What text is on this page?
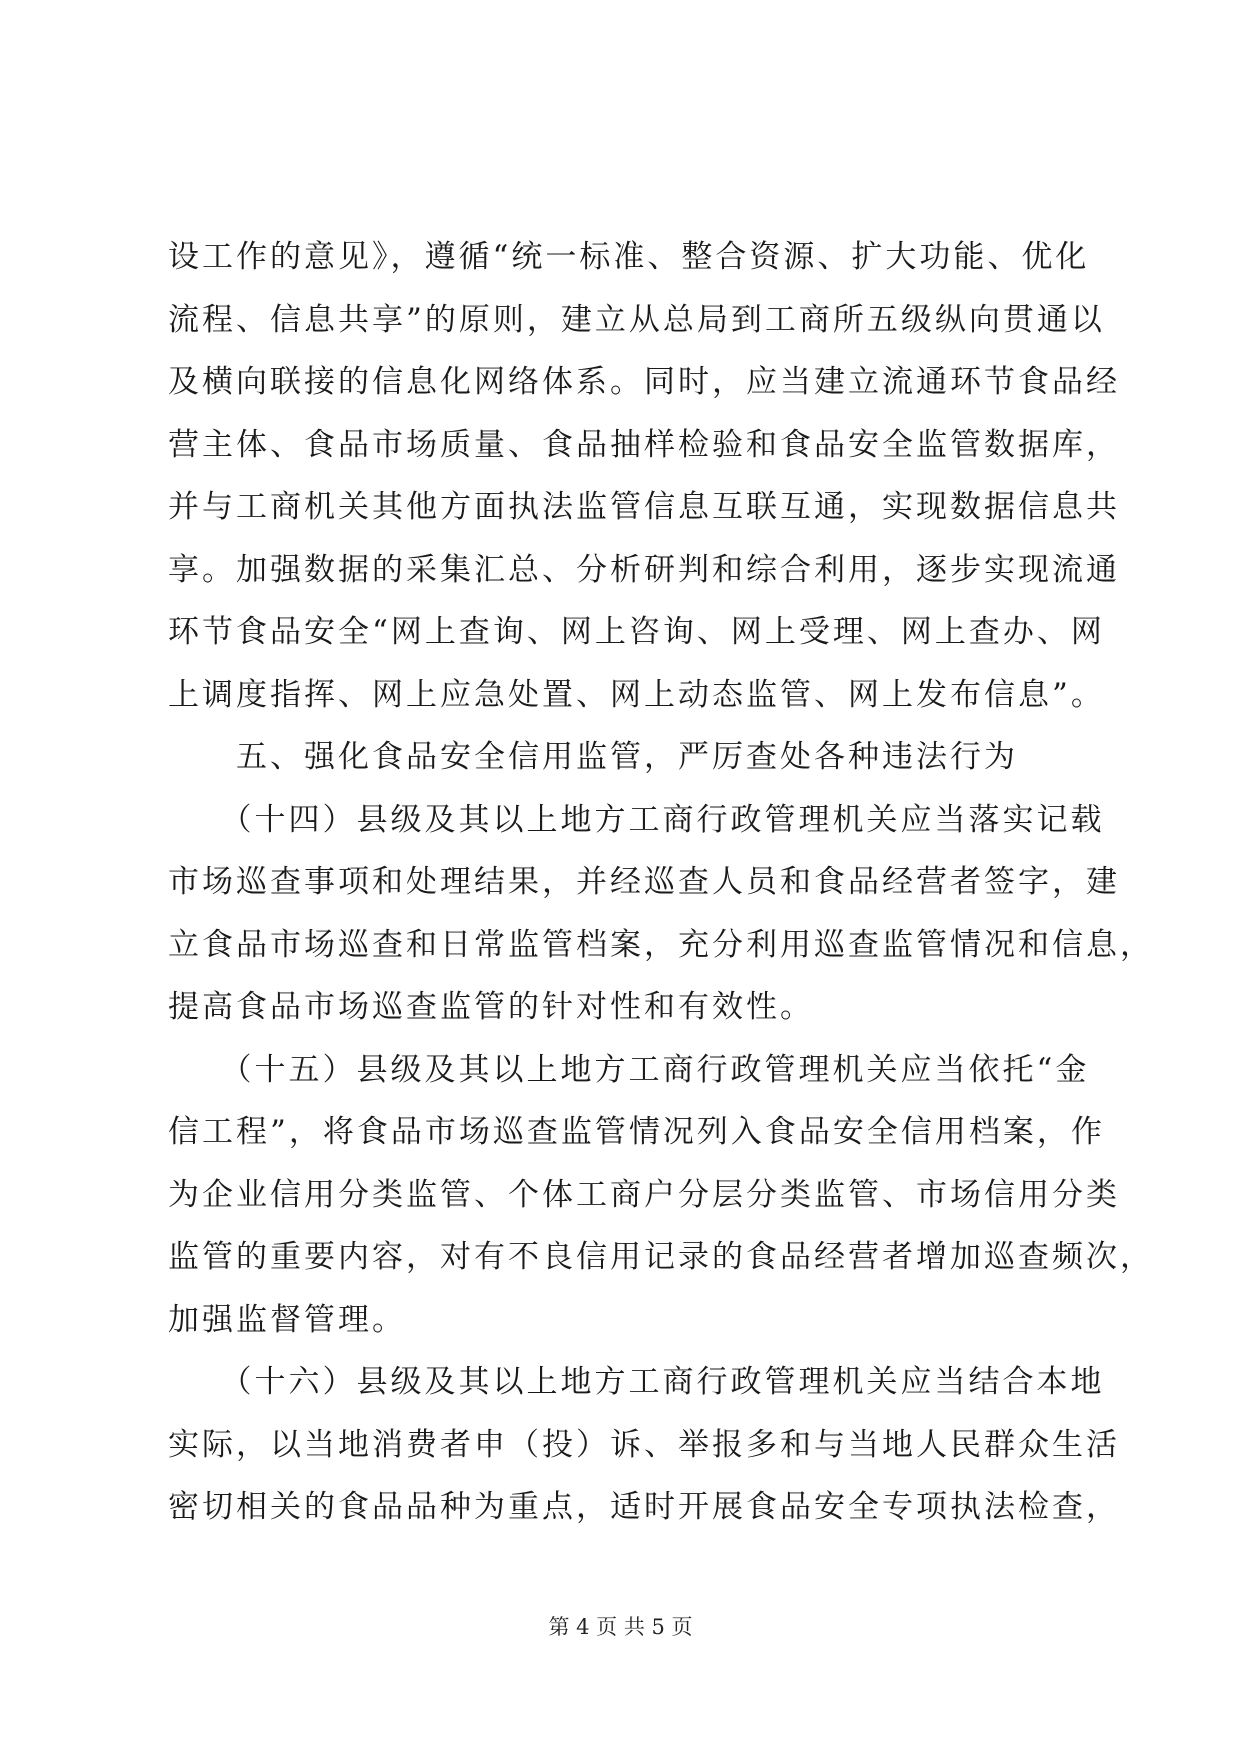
设工作的意见》，遵循“统一标准、整合资源、扩大功能、优化
流程、信息共享”的原则，建立从总局到工商所五级纵向贯通以
及横向联接的信息化网络体系。同时，应当建立流通环节食品经
营主体、食品市场质量、食品抽样检验和食品安全监管数据库，
并与工商机关其他方面执法监管信息互联互通，实现数据信息共
享。加强数据的采集汇总、分析研判和综合利用，逐步实现流通
环节食品安全“网上查询、网上咨询、网上受理、网上查办、网
上调度指挥、网上应急处置、网上动态监管、网上发布信息”。
　　五、强化食品安全信用监管，严厉查处各种违法行为
　　（十四）县级及其以上地方工商行政管理机关应当落实记载
市场巡查事项和处理结果，并经巡查人员和食品经营者签字，建
立食品市场巡查和日常监管档案，充分利用巡查监管情况和信息，
提高食品市场巡查监管的针对性和有效性。
　　（十五）县级及其以上地方工商行政管理机关应当依托“金
信工程”，将食品市场巡查监管情况列入食品安全信用档案，作
为企业信用分类监管、个体工商户分层分类监管、市场信用分类
监管的重要内容，对有不良信用记录的食品经营者增加巡查频次，
加强监督管理。
　　（十六）县级及其以上地方工商行政管理机关应当结合本地
实际，以当地消费者申（投）诉、举报多和与当地人民群众生活
密切相关的食品品种为重点，适时开展食品安全专项执法检查，
第 4 页 共 5 页
